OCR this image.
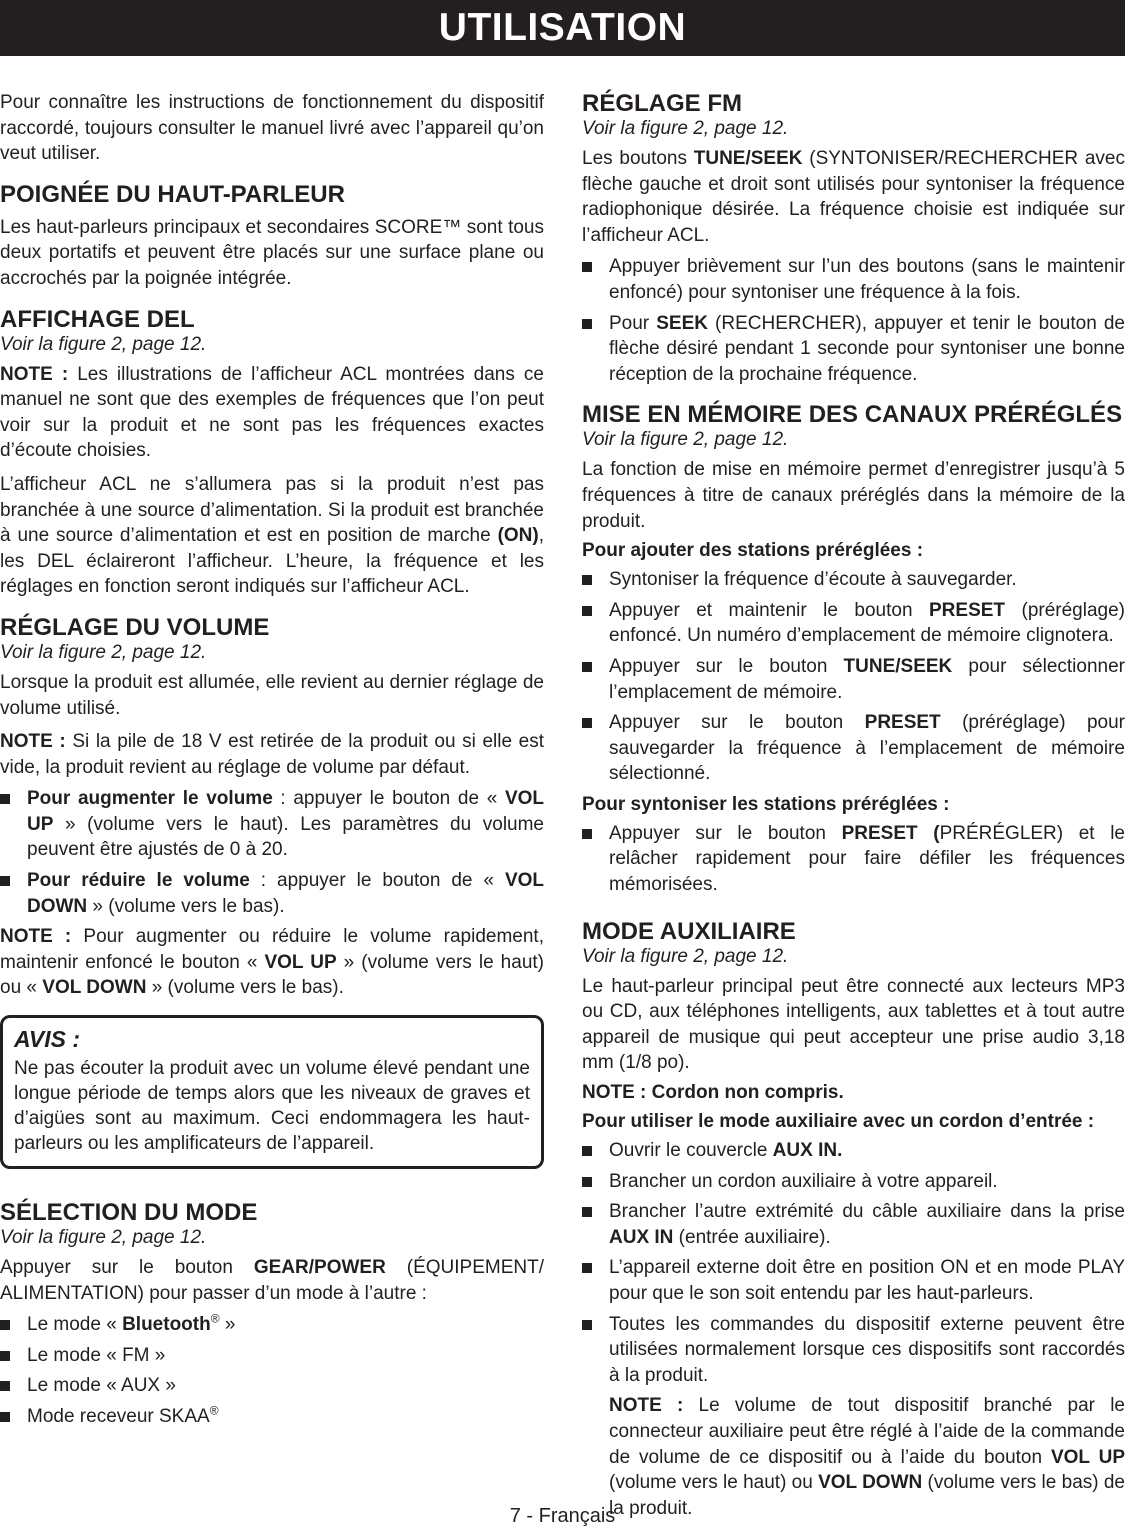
UTILISATION

Pour connaître les instructions de fonctionnement du dispositif raccordé, toujours consulter le manuel livré avec l’appareil qu’on veut utiliser.

POIGNÉE DU HAUT-PARLEUR

Les haut-parleurs principaux et secondaires SCORE™ sont tous deux portatifs et peuvent être placés sur une surface plane ou accrochés par la poignée intégrée.

AFFICHAGE DEL
Voir la figure 2, page 12.

NOTE : Les illustrations de l’afficheur ACL montrées dans ce manuel ne sont que des exemples de fréquences que l’on peut voir sur la produit et ne sont pas les fréquences exactes d’écoute choisies.

L’afficheur ACL ne s’allumera pas si la produit n’est pas branchée à une source d’alimentation. Si la produit est branchée à une source d’alimentation et est en position de marche (ON), les DEL éclaireront l’afficheur. L’heure, la fréquence et les réglages en fonction seront indiqués sur l’afficheur ACL.

RÉGLAGE DU VOLUME
Voir la figure 2, page 12.

Lorsque la produit est allumée, elle revient au dernier réglage de volume utilisé.

NOTE : Si la pile de 18 V est retirée de la produit ou si elle est vide, la produit revient au réglage de volume par défaut.

Pour augmenter le volume : appuyer le bouton de « VOL UP » (volume vers le haut). Les paramètres du volume peuvent être ajustés de 0 à 20.
Pour réduire le volume : appuyer le bouton de « VOL DOWN » (volume vers le bas).

NOTE : Pour augmenter ou réduire le volume rapidement, maintenir enfoncé le bouton « VOL UP » (volume vers le haut) ou « VOL DOWN » (volume vers le bas).

AVIS :

Ne pas écouter la produit avec un volume élevé pendant une longue période de temps alors que les niveaux de graves et d’aigües sont au maximum. Ceci endommagera les haut-parleurs ou les amplificateurs de l’appareil.

SÉLECTION DU MODE
Voir la figure 2, page 12.

Appuyer sur le bouton GEAR/POWER (ÉQUIPEMENT/ ALIMENTATION) pour passer d’un mode à l’autre :

Le mode « Bluetooth® »
Le mode « FM »
Le mode « AUX »
Mode receveur SKAA®
RÉGLAGE FM
Voir la figure 2, page 12.

Les boutons TUNE/SEEK (SYNTONISER/RECHERCHER avec flèche gauche et droit sont utilisés pour syntoniser la fréquence radiophonique désirée. La fréquence choisie est indiquée sur l’afficheur ACL.

Appuyer brièvement sur l’un des boutons (sans le maintenir enfoncé) pour syntoniser une fréquence à la fois.
Pour SEEK (RECHERCHER), appuyer et tenir le bouton de flèche désiré pendant 1 seconde pour syntoniser une bonne réception de la prochaine fréquence.
MISE EN MÉMOIRE DES CANAUX PRÉRÉGLÉS
Voir la figure 2, page 12.

La fonction de mise en mémoire permet d’enregistrer jusqu’à 5 fréquences à titre de canaux préréglés dans la mémoire de la produit.

Pour ajouter des stations préréglées :
Syntoniser la fréquence d’écoute à sauvegarder.
Appuyer et maintenir le bouton PRESET (préréglage) enfoncé. Un numéro d’emplacement de mémoire clignotera.
Appuyer sur le bouton TUNE/SEEK pour sélectionner l’emplacement de mémoire.
Appuyer sur le bouton PRESET (préréglage) pour sauvegarder la fréquence à l’emplacement de mémoire sélectionné.
Pour syntoniser les stations préréglées :
Appuyer sur le bouton PRESET (PRÉRÉGLER) et le relâcher rapidement pour faire défiler les fréquences mémorisées.
MODE AUXILIAIRE
Voir la figure 2, page 12.

Le haut-parleur principal peut être connecté aux lecteurs MP3 ou CD, aux téléphones intelligents, aux tablettes et à tout autre appareil de musique qui peut accepteur une prise audio 3,18 mm (1/8 po).

NOTE : Cordon non compris.
Pour utiliser le mode auxiliaire avec un cordon d’entrée :
Ouvrir le couvercle AUX IN.
Brancher un cordon auxiliaire à votre appareil.
Brancher l’autre extrémité du câble auxiliaire dans la prise AUX IN (entrée auxiliaire).
L’appareil externe doit être en position ON et en mode PLAY pour que le son soit entendu par les haut-parleurs.
Toutes les commandes du dispositif externe peuvent être utilisées normalement lorsque ces dispositifs sont raccordés à la produit.
NOTE : Le volume de tout dispositif branché par le connecteur auxiliaire peut être réglé à l’aide de la commande de volume de ce dispositif ou à l’aide du bouton VOL UP (volume vers le haut) ou VOL DOWN (volume vers le bas) de la produit.
7 - Français
